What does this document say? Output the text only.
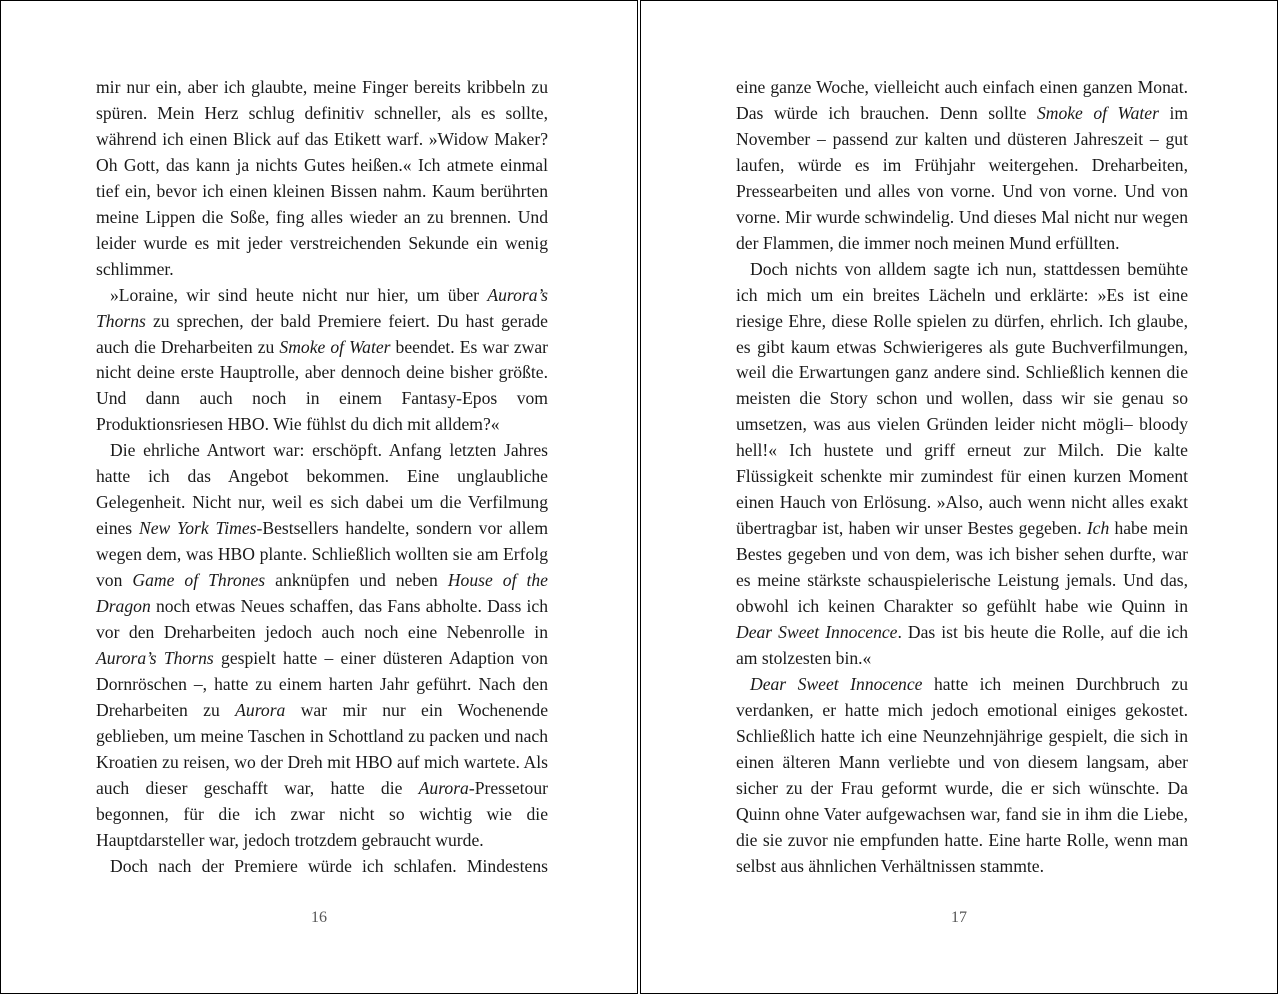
mir nur ein, aber ich glaubte, meine Finger bereits kribbeln zu spüren. Mein Herz schlug definitiv schneller, als es sollte, während ich einen Blick auf das Etikett warf. »Widow Maker? Oh Gott, das kann ja nichts Gutes heißen.« Ich atmete einmal tief ein, bevor ich einen kleinen Bissen nahm. Kaum berührten meine Lippen die Soße, fing alles wieder an zu brennen. Und leider wurde es mit jeder verstreichenden Sekunde ein wenig schlimmer.

»Loraine, wir sind heute nicht nur hier, um über Aurora’s Thorns zu sprechen, der bald Premiere feiert. Du hast gerade auch die Dreharbeiten zu Smoke of Water beendet. Es war zwar nicht deine erste Hauptrolle, aber dennoch deine bisher größte. Und dann auch noch in einem Fantasy-Epos vom Produktionsriesen HBO. Wie fühlst du dich mit alldem?«

Die ehrliche Antwort war: erschöpft. Anfang letzten Jahres hatte ich das Angebot bekommen. Eine unglaubliche Gelegenheit. Nicht nur, weil es sich dabei um die Verfilmung eines New York Times-Bestsellers handelte, sondern vor allem wegen dem, was HBO plante. Schließlich wollten sie am Erfolg von Game of Thrones anknüpfen und neben House of the Dragon noch etwas Neues schaffen, das Fans abholte. Dass ich vor den Dreharbeiten jedoch auch noch eine Nebenrolle in Aurora’s Thorns gespielt hatte – einer düsteren Adaption von Dornröschen –, hatte zu einem harten Jahr geführt. Nach den Dreharbeiten zu Aurora war mir nur ein Wochenende geblieben, um meine Taschen in Schottland zu packen und nach Kroatien zu reisen, wo der Dreh mit HBO auf mich wartete. Als auch dieser geschafft war, hatte die Aurora-Pressetour begonnen, für die ich zwar nicht so wichtig wie die Hauptdarsteller war, jedoch trotzdem gebraucht wurde.

Doch nach der Premiere würde ich schlafen. Mindestens

16

eine ganze Woche, vielleicht auch einfach einen ganzen Monat. Das würde ich brauchen. Denn sollte Smoke of Water im November – passend zur kalten und düsteren Jahreszeit – gut laufen, würde es im Frühjahr weitergehen. Dreharbeiten, Pressearbeiten und alles von vorne. Und von vorne. Und von vorne. Mir wurde schwindelig. Und dieses Mal nicht nur wegen der Flammen, die immer noch meinen Mund erfüllten.

Doch nichts von alldem sagte ich nun, stattdessen bemühte ich mich um ein breites Lächeln und erklärte: »Es ist eine riesige Ehre, diese Rolle spielen zu dürfen, ehrlich. Ich glaube, es gibt kaum etwas Schwierigeres als gute Buchverfilmungen, weil die Erwartungen ganz andere sind. Schließlich kennen die meisten die Story schon und wollen, dass wir sie genau so umsetzen, was aus vielen Gründen leider nicht mögli– bloody hell!« Ich hustete und griff erneut zur Milch. Die kalte Flüssigkeit schenkte mir zumindest für einen kurzen Moment einen Hauch von Erlösung. »Also, auch wenn nicht alles exakt übertragbar ist, haben wir unser Bestes gegeben. Ich habe mein Bestes gegeben und von dem, was ich bisher sehen durfte, war es meine stärkste schauspielerische Leistung jemals. Und das, obwohl ich keinen Charakter so gefühlt habe wie Quinn in Dear Sweet Innocence. Das ist bis heute die Rolle, auf die ich am stolzesten bin.«

Dear Sweet Innocence hatte ich meinen Durchbruch zu verdanken, er hatte mich jedoch emotional einiges gekostet. Schließlich hatte ich eine Neunzehnjährige gespielt, die sich in einen älteren Mann verliebte und von diesem langsam, aber sicher zu der Frau geformt wurde, die er sich wünschte. Da Quinn ohne Vater aufgewachsen war, fand sie in ihm die Liebe, die sie zuvor nie empfunden hatte. Eine harte Rolle, wenn man selbst aus ähnlichen Verhältnissen stammte.

17
